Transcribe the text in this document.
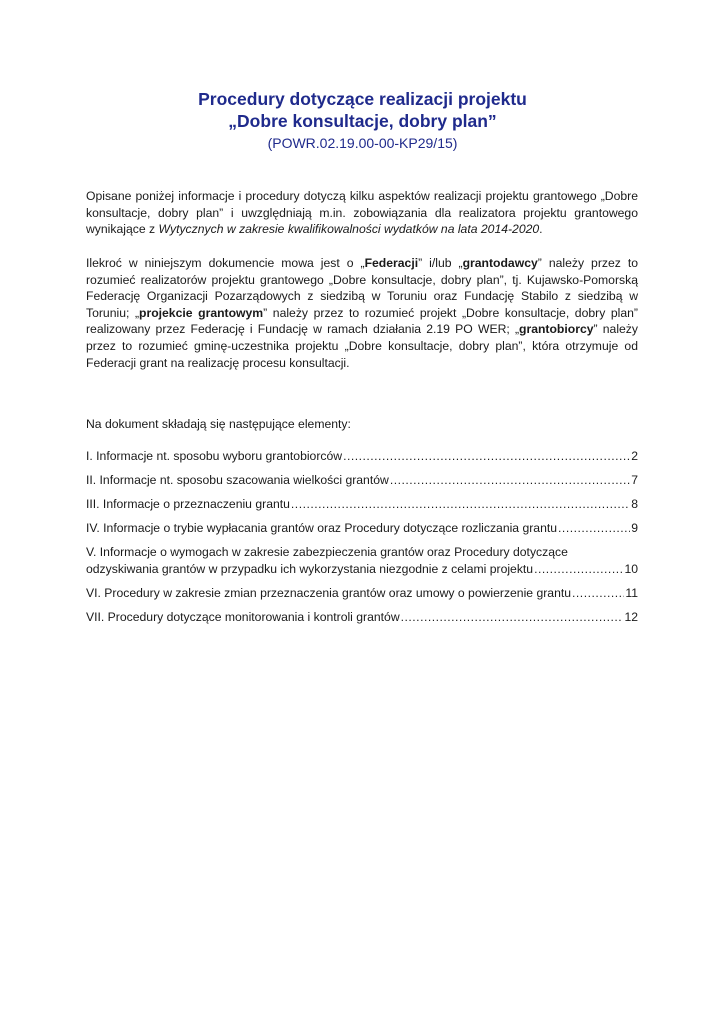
Procedury dotyczące realizacji projektu
„Dobre konsultacje, dobry plan”
(POWR.02.19.00-00-KP29/15)
Opisane poniżej informacje i procedury dotyczą kilku aspektów realizacji projektu grantowego „Dobre konsultacje, dobry plan” i uwzględniają m.in. zobowiązania dla realizatora projektu grantowego wynikające z Wytycznych w zakresie kwalifikowalności wydatków na lata 2014-2020.
Ilekroć w niniejszym dokumencie mowa jest o „Federacji” i/lub „grantodawcy” należy przez to rozumieć realizatorów projektu grantowego „Dobre konsultacje, dobry plan”, tj. Kujawsko-Pomorską Federację Organizacji Pozarządowych z siedzibą w Toruniu oraz Fundację Stabilo z siedzibą w Toruniu; „projekcie grantowym” należy przez to rozumieć projekt „Dobre konsultacje, dobry plan” realizowany przez Federację i Fundację w ramach działania 2.19 PO WER; „grantobiorcy” należy przez to rozumieć gminę-uczestnika projektu „Dobre konsultacje, dobry plan”, która otrzymuje od Federacji grant na realizację procesu konsultacji.
Na dokument składają się następujące elementy:
I. Informacje nt. sposobu wyboru grantobiorców .....	2
II. Informacje nt. sposobu szacowania wielkości grantów .....	7
III. Informacje o przeznaczeniu grantu .....	8
IV. Informacje o trybie wypłacania grantów oraz Procedury dotyczące rozliczania grantu .....	9
V. Informacje o wymogach w zakresie zabezpieczenia grantów oraz Procedury dotyczące
odzyskiwania grantów w przypadku ich wykorzystania niezgodnie z celami projektu .....	10
VI. Procedury w zakresie zmian przeznaczenia grantów oraz umowy o powierzenie grantu .....	11
VII. Procedury dotyczące monitorowania i kontroli grantów .....	12
